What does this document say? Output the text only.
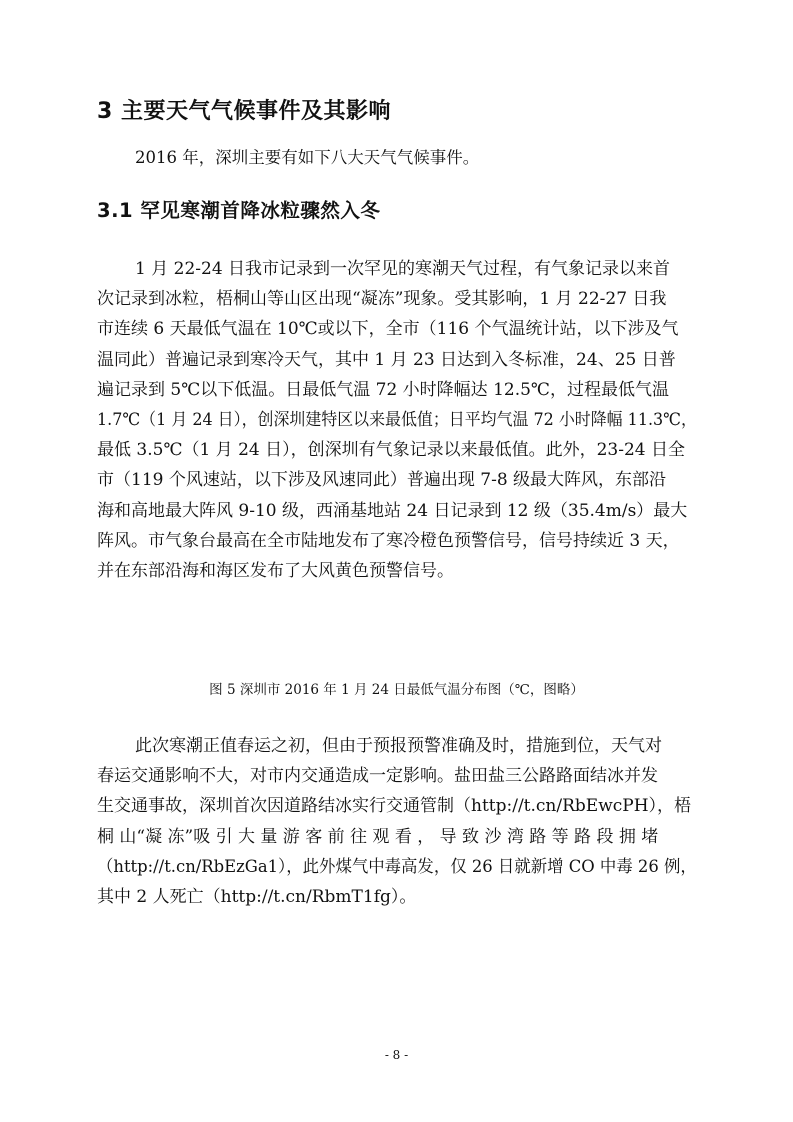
3 主要天气气候事件及其影响
2016 年，深圳主要有如下八大天气气候事件。
3.1 罕见寒潮首降冰粒骤然入冬
1 月 22-24 日我市记录到一次罕见的寒潮天气过程，有气象记录以来首
次记录到冰粒，梧桐山等山区出现“凝冻”现象。受其影响，1 月 22-27 日我
市连续 6 天最低气温在 10℃或以下，全市（116 个气温统计站，以下涉及气
温同此）普遍记录到寒冷天气，其中 1 月 23 日达到入冬标准，24、25 日普
遍记录到 5℃以下低温。日最低气温 72 小时降幅达 12.5℃，过程最低气温
1.7℃（1 月 24 日），创深圳建特区以来最低值；日平均气温 72 小时降幅 11.3℃，
最低 3.5℃（1 月 24 日），创深圳有气象记录以来最低值。此外，23-24 日全
市（119 个风速站，以下涉及风速同此）普遍出现 7-8 级最大阵风，东部沿
海和高地最大阵风 9-10 级，西涌基地站 24 日记录到 12 级（35.4m/s）最大
阵风。市气象台最高在全市陆地发布了寒冷橙色预警信号，信号持续近 3 天，
并在东部沿海和海区发布了大风黄色预警信号。
图 5 深圳市 2016 年 1 月 24 日最低气温分布图（℃，图略）
此次寒潮正值春运之初，但由于预报预警准确及时，措施到位，天气对
春运交通影响不大，对市内交通造成一定影响。盐田盐三公路路面结冰并发
生交通事故，深圳首次因道路结冰实行交通管制（http://t.cn/RbEwcPH），梧
桐 山“凝 冻”吸 引 大 量 游 客 前 往 观 看 ， 导 致 沙 湾 路 等 路 段 拥 堵
（http://t.cn/RbEzGa1），此外煤气中毒高发，仅 26 日就新增 CO 中毒 26 例，
其中 2 人死亡（http://t.cn/RbmT1fg）。
- 8 -
